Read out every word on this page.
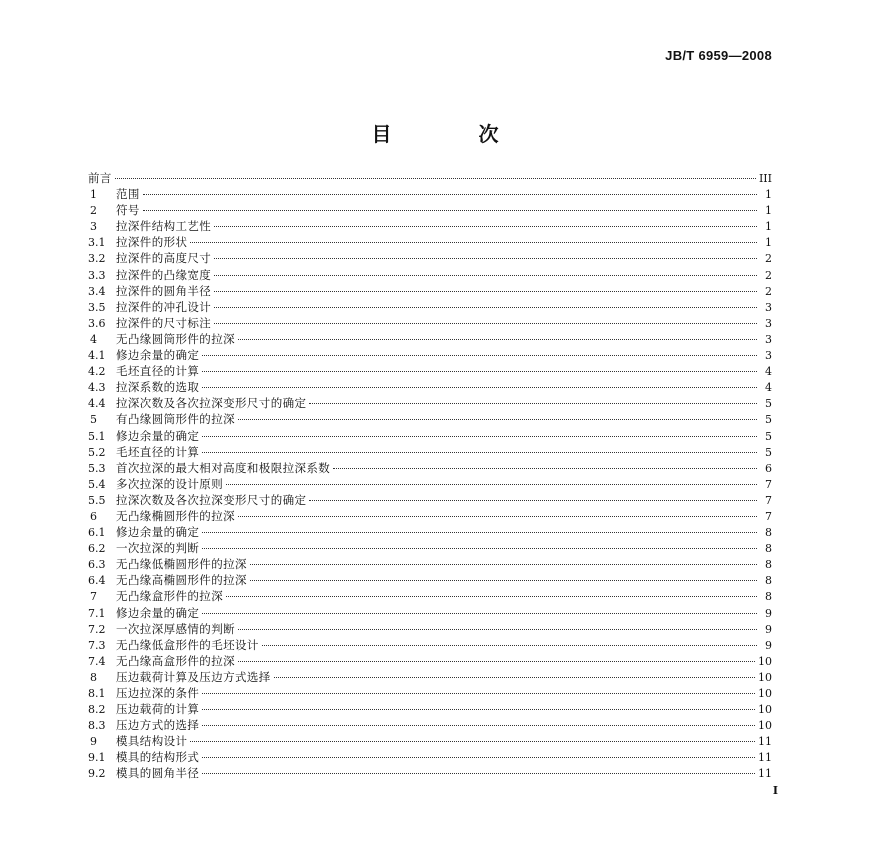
JB/T 6959—2008
目 次
前言	III
1	范围	1
2	符号	1
3	拉深件结构工艺性	1
3.1 拉深件的形状	1
3.2 拉深件的高度尺寸	2
3.3 拉深件的凸缘宽度	2
3.4 拉深件的圆角半径	2
3.5 拉深件的冲孔设计	3
3.6 拉深件的尺寸标注	3
4	无凸缘圆筒形件的拉深	3
4.1 修边余量的确定	3
4.2 毛坯直径的计算	4
4.3 拉深系数的选取	4
4.4 拉深次数及各次拉深变形尺寸的确定	5
5	有凸缘圆筒形件的拉深	5
5.1 修边余量的确定	5
5.2 毛坯直径的计算	5
5.3 首次拉深的最大相对高度和极限拉深系数	6
5.4 多次拉深的设计原则	7
5.5 拉深次数及各次拉深变形尺寸的确定	7
6	无凸缘椭圆形件的拉深	7
6.1 修边余量的确定	8
6.2 一次拉深的判断	8
6.3 无凸缘低椭圆形件的拉深	8
6.4 无凸缘高椭圆形件的拉深	8
7	无凸缘盒形件的拉深	8
7.1 修边余量的确定	9
7.2 一次拉深厚感情的判断	9
7.3 无凸缘低盒形件的毛坯设计	9
7.4 无凸缘高盒形件的拉深	10
8	压边载荷计算及压边方式选择	10
8.1 压边拉深的条件	10
8.2 压边载荷的计算	10
8.3 压边方式的选择	10
9	模具结构设计	11
9.1 模具的结构形式	11
9.2 模具的圆角半径	11
I
